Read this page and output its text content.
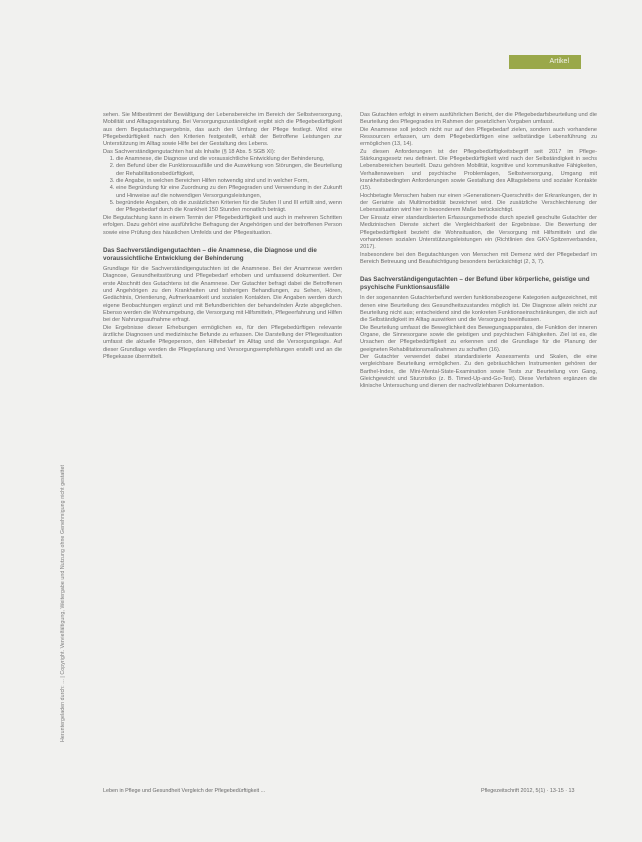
Artikel
Heruntergeladen durch: ... | Copyright. Vervielfältigung, Weitergabe und Nutzung ohne Genehmigung nicht gestattet

sehen. Sie Mitbestimmt der Bewältigung der Lebensbereiche im Bereich der Selbstversorgung, Mobilität und Alltagsgestaltung. Bei Versorgungszuständigkeit ergibt sich die Pflegebedürftigkeit aus dem Begutachtungsergebnis, das auch den Umfang der Pflege festlegt. Wird eine Pflegebedürftigkeit nach den Kriterien festgestellt, erhält der Betroffene Leistungen zur Unterstützung im Alltag sowie Hilfe bei der Gestaltung des Lebens.

Das Sachverständigengutachten hat als Inhalte (§ 18 Abs. 5 SGB XI):

1. die Anamnese, die Diagnose und die voraussichtliche Entwicklung der Behinderung,
2. den Befund über die Funktionsausfälle und die Auswirkung von Störungen, die Beurteilung der Rehabilitationsbedürftigkeit,
3. die Angabe, in welchen Bereichen Hilfen notwendig sind und in welcher Form,
4. eine Begründung für eine Zuordnung zu den Pflegegraden und Verwendung in der Zukunft und Hinweise auf die notwendigen Versorgungsleistungen,
5. begründete Angaben, ob die zusätzlichen Kriterien für die Stufen II und III erfüllt sind, wenn der Pflegebedarf durch die Krankheit 150 Stunden monatlich beträgt.

Die Begutachtung kann in einem Termin der Pflegebedürftigkeit und auch in mehreren Schritten erfolgen. Dazu gehört eine ausführliche Befragung der Angehörigen und der betroffenen Person sowie eine Prüfung des häuslichen Umfelds und der Pflegesituation.

Das Sachverständigengutachten – die Anamnese, die Diagnose und die voraussichtliche Entwicklung der Behinderung

Grundlage für die Sachverständigengutachten ist die Anamnese. Bei der Anamnese werden Diagnose, Gesundheitsstörung und Pflegebedarf erhoben und umfassend dokumentiert. Der erste Abschnitt des Gutachtens ist die Anamnese. Der Gutachter befragt dabei die Betroffenen und Angehörigen zu den Krankheiten und bisherigen Behandlungen, zu Sehen, Hören, Gedächtnis, Orientierung, Aufmerksamkeit und sozialen Kontakten. Die Angaben werden durch eigene Beobachtungen ergänzt und mit Befundberichten der behandelnden Ärzte abgeglichen. Ebenso werden die Wohnumgebung, die Versorgung mit Hilfsmitteln, Pflegeerfahrung und Hilfen bei der Nahrungsaufnahme erfragt.

Die Ergebnisse dieser Erhebungen ermöglichen es, für den Pflegebedürftigen relevante ärztliche Diagnosen und medizinische Befunde zu erfassen. Die Darstellung der Pflegesituation umfasst die aktuelle Pflegeperson, den Hilfebedarf im Alltag und die Versorgungslage. Auf dieser Grundlage werden die Pflegeplanung und Versorgungsempfehlungen erstellt und an die Pflegekasse übermittelt.

Das Gutachten erfolgt in einem ausführlichen Bericht, der die Pflegebedarfsbeurteilung und die Beurteilung des Pflegegrades im Rahmen der gesetzlichen Vorgaben umfasst.

Die Anamnese soll jedoch nicht nur auf den Pflegebedarf zielen, sondern auch vorhandene Ressourcen erfassen, um dem Pflegebedürftigen eine selbständige Lebensführung zu ermöglichen (13, 14).

Zu diesen Anforderungen ist der Pflegebedürftigkeitsbegriff seit 2017 im Pflege-Stärkungsgesetz neu definiert. Die Pflegebedürftigkeit wird nach der Selbständigkeit in sechs Lebensbereichen beurteilt. Dazu gehören Mobilität, kognitive und kommunikative Fähigkeiten, Verhaltensweisen und psychische Problemlagen, Selbstversorgung, Umgang mit krankheitsbedingten Anforderungen sowie Gestaltung des Alltagslebens und sozialer Kontakte (15).

Hochbetagte Menschen haben nur einen »Generationen-Querschnitt« der Erkrankungen, der in der Geriatrie als Multimorbidität bezeichnet wird. Die zusätzliche Verschlechterung der Lebenssituation wird hier in besonderem Maße berücksichtigt.

Der Einsatz einer standardisierten Erfassungsmethode durch speziell geschulte Gutachter der Medizinischen Dienste sichert die Vergleichbarkeit der Ergebnisse. Die Bewertung der Pflegebedürftigkeit bezieht die Wohnsituation, die Versorgung mit Hilfsmitteln und die vorhandenen sozialen Unterstützungsleistungen ein (Richtlinien des GKV-Spitzenverbandes, 2017).

Insbesondere bei den Begutachtungen von Menschen mit Demenz wird der Pflegebedarf im Bereich Betreuung und Beaufsichtigung besonders berücksichtigt (2, 3, 7).

Das Sachverständigengutachten – der Befund über körperliche, geistige und psychische Funktionsausfälle

In der sogenannten Gutachterbefund werden funktionsbezogene Kategorien aufgezeichnet, mit denen eine Beurteilung des Gesundheitszustandes möglich ist. Die Diagnose allein reicht zur Beurteilung nicht aus; entscheidend sind die konkreten Funktionseinschränkungen, die sich auf die Selbständigkeit im Alltag auswirken und die Versorgung beeinflussen.

Die Beurteilung umfasst die Beweglichkeit des Bewegungsapparates, die Funktion der inneren Organe, die Sinnesorgane sowie die geistigen und psychischen Fähigkeiten. Ziel ist es, die Ursachen der Pflegebedürftigkeit zu erkennen und die Grundlage für die Planung der geeigneten Rehabilitationsmaßnahmen zu schaffen (16).

Der Gutachter verwendet dabei standardisierte Assessments und Skalen, die eine vergleichbare Beurteilung ermöglichen. Zu den gebräuchlichen Instrumenten gehören der Barthel-Index, die Mini-Mental-State-Examination sowie Tests zur Beurteilung von Gang, Gleichgewicht und Sturzrisiko (z. B. Timed-Up-and-Go-Test). Diese Verfahren ergänzen die klinische Untersuchung und dienen der nachvollziehbaren Dokumentation.

Leben in Pflege und Gesundheit Vergleich der Pflegebedürftigkeit ...	Pflegezeitschrift 2012, 5(1) · 13-15 · 13
